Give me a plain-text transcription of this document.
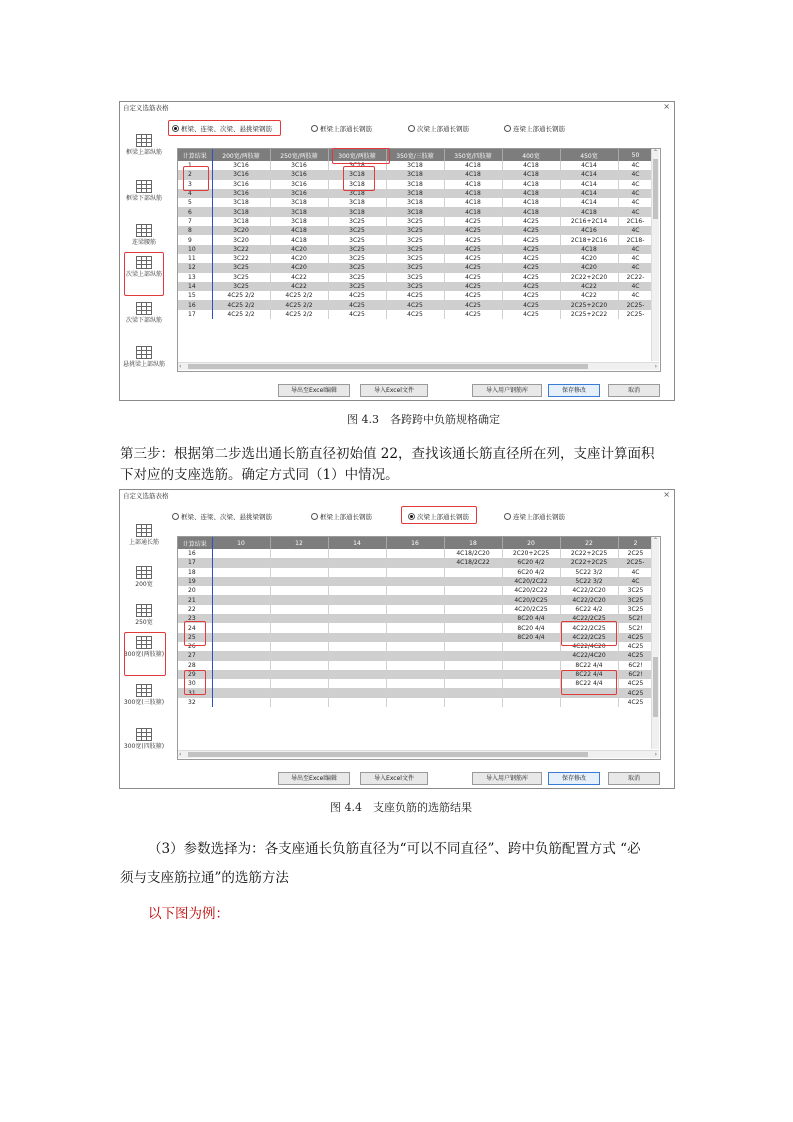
自定义选筋表格	×
框梁、连梁、次梁、悬挑梁钢筋	框梁上部通长钢筋	次梁上部通长钢筋	连梁上部通长钢筋
框梁上部纵筋
框梁下部纵筋
连梁腰筋
次梁上部纵筋
次梁下部纵筋
悬挑梁上部纵筋
计算结果	200宽/两肢箍	250宽/两肢箍	300宽/两肢箍	350宽/三肢箍	350宽/四肢箍	400宽	450宽	50
1	3C16	3C16	3C18	3C18	4C18	4C18	4C14	4C
2	3C16	3C16	3C18	3C18	4C18	4C18	4C14	4C
3	3C16	3C16	3C18	3C18	4C18	4C18	4C14	4C
4	3C16	3C16	3C18	3C18	4C18	4C18	4C14	4C
5	3C18	3C18	3C18	3C18	4C18	4C18	4C14	4C
6	3C18	3C18	3C18	3C18	4C18	4C18	4C18	4C
7	3C18	3C18	3C25	3C25	4C25	4C25	2C16+2C14	2C16-
8	3C20	4C18	3C25	3C25	4C25	4C25	4C16	4C
9	3C20	4C18	3C25	3C25	4C25	4C25	2C18+2C16	2C18-
10	3C22	4C20	3C25	3C25	4C25	4C25	4C18	4C
11	3C22	4C20	3C25	3C25	4C25	4C25	4C20	4C
12	3C25	4C20	3C25	3C25	4C25	4C25	4C20	4C
13	3C25	4C22	3C25	3C25	4C25	4C25	2C22+2C20	2C22-
14	3C25	4C22	3C25	3C25	4C25	4C25	4C22	4C
15	4C25 2/2	4C25 2/2	4C25	4C25	4C25	4C25	4C22	4C
16	4C25 2/2	4C25 2/2	4C25	4C25	4C25	4C25	2C25+2C20	2C25-
17	4C25 2/2	4C25 2/2	4C25	4C25	4C25	4C25	2C25+2C22	2C25-
⌃
‹	›
导出至Excel编辑	导入Excel文件	导入用户钢筋库	保存修改	取消
图 4.3　各跨跨中负筋规格确定
第三步：根据第二步选出通长筋直径初始值 22，查找该通长筋直径所在列，支座计算面积
下对应的支座选筋。确定方式同（1）中情况。
自定义选筋表格	×
框梁、连梁、次梁、悬挑梁钢筋	框梁上部通长钢筋	次梁上部通长钢筋	连梁上部通长钢筋
上部通长筋
200宽
250宽
300宽(两肢箍)
300宽(三肢箍)
300宽(四肢箍)
计算结果	10	12	14	16	18	20	22	2
16					4C18/2C20	2C20+2C25	2C22+2C25	2C25
17					4C18/2C22	6C20 4/2	2C22+2C25	2C25-
18						6C20 4/2	5C22 3/2	4C
19						4C20/2C22	5C22 3/2	4C
20						4C20/2C22	4C22/2C20	3C25
21						4C20/2C25	4C22/2C20	3C25
22						4C20/2C25	6C22 4/2	3C25
23						8C20 4/4	4C22/2C25	5C2!
24						8C20 4/4	4C22/2C25	5C2!
25						8C20 4/4	4C22/2C25	4C25
26							4C22/4C20	4C25
27							4C22/4C20	4C25
28							8C22 4/4	6C2!
29							8C22 4/4	6C2!
30							8C22 4/4	4C25
31								4C25
32								4C25
⌃
‹	›
导出至Excel编辑	导入Excel文件	导入用户钢筋库	保存修改	取消
图 4.4　支座负筋的选筋结果
（3）参数选择为：各支座通长负筋直径为“可以不同直径”、跨中负筋配置方式 “必
须与支座筋拉通”的选筋方法
以下图为例：
